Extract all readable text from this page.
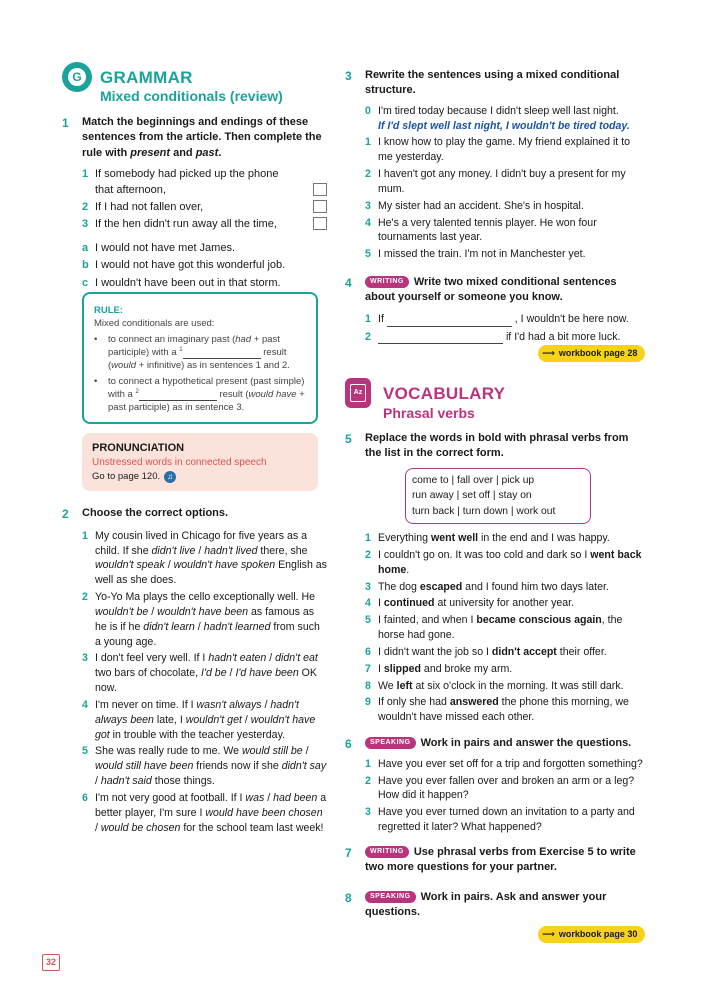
G GRAMMAR
Mixed conditionals (review)
1	Match the beginnings and endings of these sentences from the article. Then complete the rule with present and past.
1 If somebody had picked up the phone
that afternoon,
2 If I had not fallen over,
3 If the hen didn't run away all the time,
a I would not have met James.
b I would not have got this wonderful job.
c I wouldn't have been out in that storm.
RULE:
Mixed conditionals are used:
•	to connect an imaginary past (had + past participle) with a $^1$	result (would + infinitive) as in sentences 1 and 2.
•	to connect a hypothetical present (past simple) with a $^2$	result (would have + past participle) as in sentence 3.
PRONUNCIATION
Unstressed words in connected speech
Go to page 120. ♫
2	Choose the correct options.
1 My cousin lived in Chicago for five years as a child. If she didn't live / hadn't lived there, she wouldn't speak / wouldn't have spoken English as well as she does.
2 Yo-Yo Ma plays the cello exceptionally well. He wouldn't be / wouldn't have been as famous as he is if he didn't learn / hadn't learned from such a young age.
3 I don't feel very well. If I hadn't eaten / didn't eat two bars of chocolate, I'd be / I'd have been OK now.
4 I'm never on time. If I wasn't always / hadn't always been late, I wouldn't get / wouldn't have got in trouble with the teacher yesterday.
5 She was really rude to me. We would still be / would still have been friends now if she didn't say / hadn't said those things.
6 I'm not very good at football. If I was / had been a better player, I'm sure I would have been chosen / would be chosen for the school team last week!
3	Rewrite the sentences using a mixed conditional structure.
0 I'm tired today because I didn't sleep well last night.
If I'd slept well last night, I wouldn't be tired today.
1 I know how to play the game. My friend explained it to me yesterday.
2 I haven't got any money. I didn't buy a present for my mum.
3 My sister had an accident. She's in hospital.
4 He's a very talented tennis player. He won four tournaments last year.
5 I missed the train. I'm not in Manchester yet.
4	WRITING Write two mixed conditional sentences about yourself or someone you know.
1 If

	, I wouldn't be here now.
2
	if I'd had a bit more luck.
⟶ workbook page 28
Az VOCABULARY
Phrasal verbs
5	Replace the words in bold with phrasal verbs from the list in the correct form.
come to | fall over | pick up
run away | set off | stay on
turn back | turn down | work out
1 Everything went well in the end and I was happy.
2 I couldn't go on. It was too cold and dark so I went back home.
3 The dog escaped and I found him two days later.
4 I continued at university for another year.
5 I fainted, and when I became conscious again, the horse had gone.
6 I didn't want the job so I didn't accept their offer.
7 I slipped and broke my arm.
8 We left at six o'clock in the morning. It was still dark.
9 If only she had answered the phone this morning, we wouldn't have missed each other.
6	SPEAKING Work in pairs and answer the questions.
1 Have you ever set off for a trip and forgotten something?
2 Have you ever fallen over and broken an arm or a leg? How did it happen?
3 Have you ever turned down an invitation to a party and regretted it later? What happened?
7	WRITING Use phrasal verbs from Exercise 5 to write two more questions for your partner.
8	SPEAKING Work in pairs. Ask and answer your questions.
⟶ workbook page 30
32
